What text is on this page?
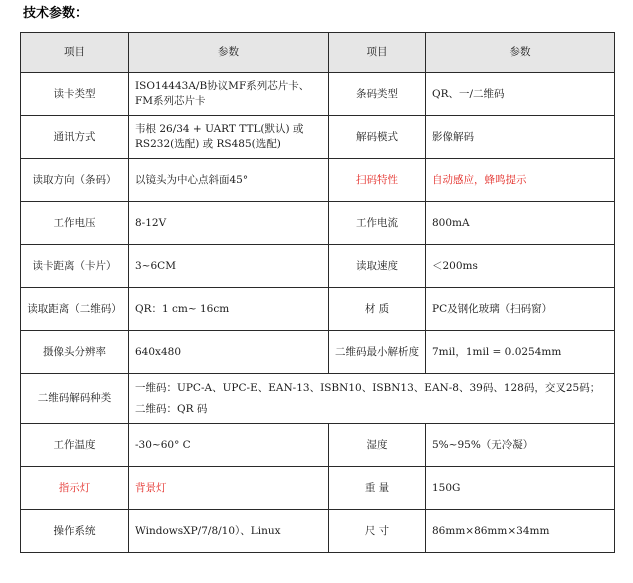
技术参数：
项目	参数	项目	参数
读卡类型	ISO14443A/B协议MF系列芯片卡、FM系列芯片卡	条码类型	QR、一/二维码
通讯方式	韦根 26/34 + UART TTL(默认) 或 RS232(选配) 或 RS485(选配)	解码模式	影像解码
读取方向（条码）	以镜头为中心点斜面45°	扫码特性	自动感应，蜂鸣提示
工作电压	8-12V	工作电流	800mA
读卡距离（卡片）	3~6CM	读取速度	＜200ms
读取距离（二维码）	QR：1 cm~ 16cm	材 质	PC及钢化玻璃（扫码窗）
摄像头分辨率	640x480	二维码最小解析度	7mil，1mil = 0.0254mm
二维码解码种类	一维码：UPC-A、UPC-E、EAN-13、ISBN10、ISBN13、EAN-8、39码、128码，交叉25码；
二维码：QR 码		

工作温度	-30~60° C	湿度	5%~95%（无冷凝）
指示灯	背景灯	重 量	150G
操作系统	WindowsXP/7/8/10）、Linux	尺 寸	86mm×86mm×34mm
